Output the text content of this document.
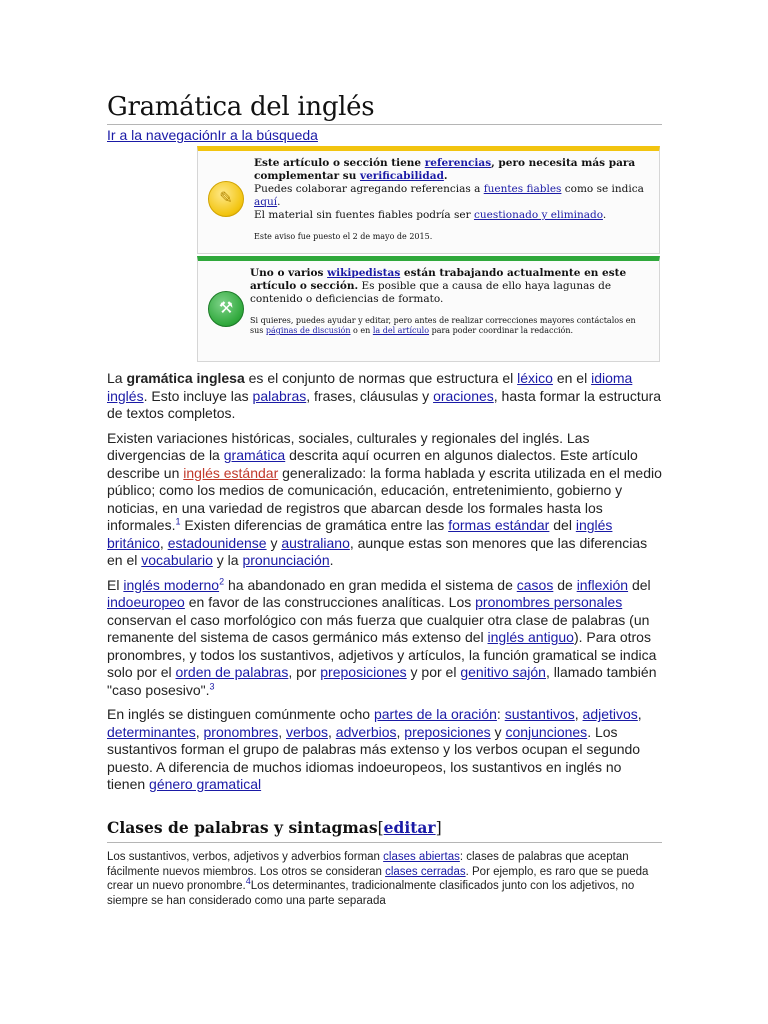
Gramática del inglés
Ir a la navegaciónIr a la búsqueda
✎

Este artículo o sección tiene referencias, pero necesita más para complementar su verificabilidad.

Puedes colaborar agregando referencias a fuentes fiables como se indica aquí.

El material sin fuentes fiables podría ser cuestionado y eliminado.

Este aviso fue puesto el 2 de mayo de 2015.

⚒

Uno o varios wikipedistas están trabajando actualmente en este artículo o sección. Es posible que a causa de ello haya lagunas de contenido o deficiencias de formato.

Si quieres, puedes ayudar y editar, pero antes de realizar correcciones mayores contáctalos en sus páginas de discusión o en la del artículo para poder coordinar la redacción.

La gramática inglesa es el conjunto de normas que estructura el léxico en el idioma inglés. Esto incluye las palabras, frases, cláusulas y oraciones, hasta formar la estructura de textos completos.

Existen variaciones históricas, sociales, culturales y regionales del inglés. Las divergencias de la gramática descrita aquí ocurren en algunos dialectos. Este artículo describe un inglés estándar generalizado: la forma hablada y escrita utilizada en el medio público; como los medios de comunicación, educación, entretenimiento, gobierno y noticias, en una variedad de registros que abarcan desde los formales hasta los informales.$^1$ Existen diferencias de gramática entre las formas estándar del inglés británico, estadounidense y australiano, aunque estas son menores que las diferencias en el vocabulario y la pronunciación.

El inglés moderno$^2$ ha abandonado en gran medida el sistema de casos de inflexión del indoeuropeo en favor de las construcciones analíticas. Los pronombres personales conservan el caso morfológico con más fuerza que cualquier otra clase de palabras (un remanente del sistema de casos germánico más extenso del inglés antiguo). Para otros pronombres, y todos los sustantivos, adjetivos y artículos, la función gramatical se indica solo por el orden de palabras, por preposiciones y por el genitivo sajón, llamado también "caso posesivo".$^3$

En inglés se distinguen comúnmente ocho partes de la oración: sustantivos, adjetivos, determinantes, pronombres, verbos, adverbios, preposiciones y conjunciones. Los sustantivos forman el grupo de palabras más extenso y los verbos ocupan el segundo puesto. A diferencia de muchos idiomas indoeuropeos, los sustantivos en inglés no tienen género gramatical

Clases de palabras y sintagmas[editar]
Los sustantivos, verbos, adjetivos y adverbios forman clases abiertas: clases de palabras que aceptan fácilmente nuevos miembros. Los otros se consideran clases cerradas. Por ejemplo, es raro que se pueda crear un nuevo pronombre.$^4$Los determinantes, tradicionalmente clasificados junto con los adjetivos, no siempre se han considerado como una parte separada
